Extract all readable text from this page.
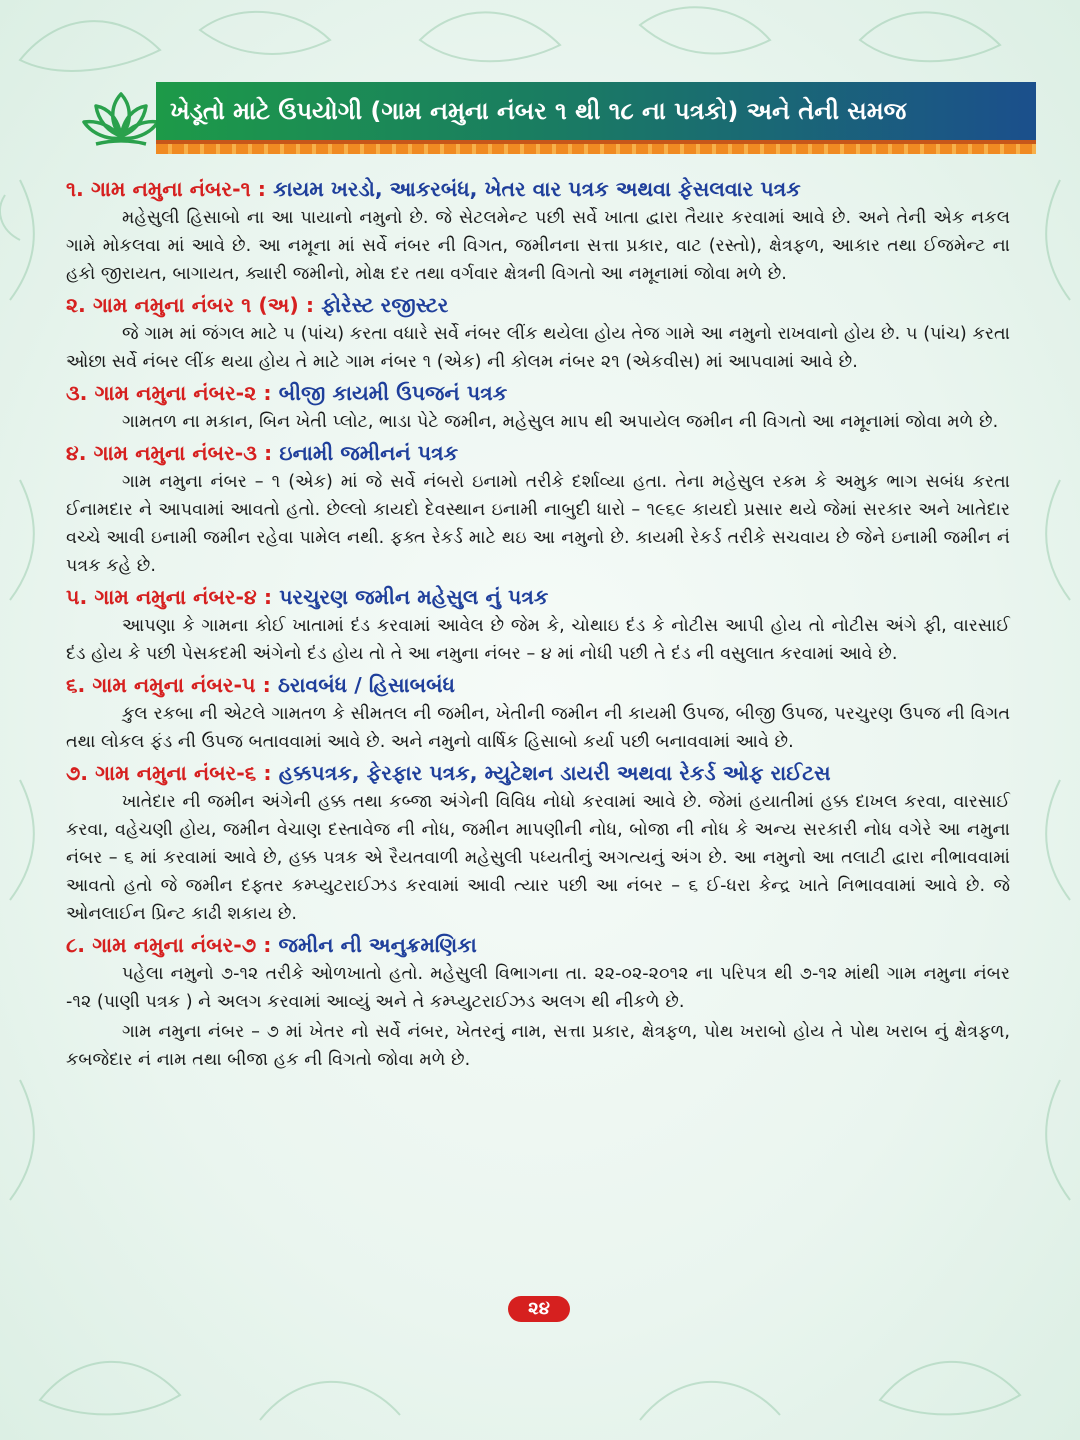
ખેડૂતો માટે ઉપયોગી (ગામ નમુના નંબર ૧ થી ૧૮ ના પત્રકો) અને તેની સમજ
૧. ગામ નમુના નંબર-૧ : કાયમ ખરડો, આકરબંધ, ખેતર વાર પત્રક અથવા ફેસલવાર પત્રક

મહેસુલી હિસાબો ના આ પાયાનો નમુનો છે. જે સેટલમેન્ટ પછી સર્વે ખાતા દ્વારા તૈયાર કરવામાં આવે છે. અને તેની એક નકલ ગામે મોકલવા માં આવે છે. આ નમૂના માં સર્વે નંબર ની વિગત, જમીનના સત્તા પ્રકાર, વાટ (રસ્તો), ક્ષેત્રફળ, આકાર તથા ઈજમેન્ટ ના હકો જીરાયત, બાગાયત, ક્યારી જમીનો, મોક્ષ દર તથા વર્ગવાર ક્ષેત્રની વિગતો આ નમૂનામાં જોવા મળે છે.

૨. ગામ નમુના નંબર ૧ (અ) : ફોરેસ્ટ રજીસ્ટર

જે ગામ માં જંગલ માટે ૫ (પાંચ) કરતા વધારે સર્વે નંબર લીંક થયેલા હોય તેજ ગામે આ નમુનો રાખવાનો હોય છે. ૫ (પાંચ) કરતા ઓછા સર્વે નંબર લીંક થયા હોય તે માટે ગામ નંબર ૧ (એક) ની કોલમ નંબર ૨૧ (એકવીસ) માં આપવામાં આવે છે.

૩. ગામ નમુના નંબર-૨ : બીજી કાયમી ઉપજનં પત્રક

ગામતળ ના મકાન, બિન ખેતી પ્લોટ, ભાડા પેટે જમીન, મહેસુલ માપ થી અપાયેલ જમીન ની વિગતો આ નમૂનામાં જોવા મળે છે.

૪. ગામ નમુના નંબર-૩ : ઇનામી જમીનનં પત્રક

ગામ નમુના નંબર – ૧ (એક) માં જે સર્વે નંબરો ઇનામો તરીકે દર્શાવ્યા હતા. તેના મહેસુલ રકમ કે અમુક ભાગ સબંધ કરતા ઈનામદાર ને આપવામાં આવતો હતો. છેલ્લો કાયદો દેવસ્થાન ઇનામી નાબુદી ધારો – ૧૯૬૯ કાયદો પ્રસાર થયે જેમાં સરકાર અને ખાતેદાર વચ્ચે આવી ઇનામી જમીન રહેવા પામેલ નથી. ફક્ત રેકર્ડ માટે થઇ આ નમુનો છે. કાયમી રેકર્ડ તરીકે સચવાય છે જેને ઇનામી જમીન નં પત્રક કહે છે.

૫. ગામ નમુના નંબર-૪ : પરચુરણ જમીન મહેસુલ નું પત્રક

આપણા કે ગામના કોઈ ખાતામાં દંડ કરવામાં આવેલ છે જેમ કે, ચોથાઇ દંડ કે નોટીસ આપી હોય તો નોટીસ અંગે ફી, વારસાઈ દંડ હોય કે પછી પેસકદમી અંગેનો દંડ હોય તો તે આ નમુના નંબર – ૪ માં નોધી પછી તે દંડ ની વસુલાત કરવામાં આવે છે.

૬. ગામ નમુના નંબર-૫ : ઠરાવબંધ / હિસાબબંધ

કુલ રકબા ની એટલે ગામતળ કે સીમતલ ની જમીન, ખેતીની જમીન ની કાયમી ઉપજ, બીજી ઉપજ, પરચુરણ ઉપજ ની વિગત તથા લોકલ ફંડ ની ઉપજ બતાવવામાં આવે છે. અને નમુનો વાર્ષિક હિસાબો કર્યા પછી બનાવવામાં આવે છે.

૭. ગામ નમુના નંબર-૬ : હક્કપત્રક, ફેરફાર પત્રક, મ્યુટેશન ડાયરી અથવા રેકર્ડ ઓફ રાઈટસ

ખાતેદાર ની જમીન અંગેની હક્ક તથા કબ્જા અંગેની વિવિધ નોધો કરવામાં આવે છે. જેમાં હયાતીમાં હક્ક દાખલ કરવા, વારસાઈ કરવા, વહેચણી હોય, જમીન વેચાણ દસ્તાવેજ ની નોધ, જમીન માપણીની નોધ, બોજા ની નોધ કે અન્ય સરકારી નોધ વગેરે આ નમુના નંબર – ૬ માં કરવામાં આવે છે, હક્ક પત્રક એ રૈયતવાળી મહેસુલી પધ્યતીનું અગત્યનું અંગ છે. આ નમુનો આ તલાટી દ્વારા નીભાવવામાં આવતો હતો જે જમીન દફ્તર કમ્પ્યુટરાઈઝડ કરવામાં આવી ત્યાર પછી આ નંબર – ૬ ઈ-ધરા કેન્દ્ર ખાતે નિભાવવામાં આવે છે. જે ઓનલાઈન પ્રિન્ટ કાઢી શકાય છે.

૮. ગામ નમુના નંબર-૭ : જમીન ની અનુક્રમણિકા

પહેલા નમુનો ૭-૧૨ તરીકે ઓળખાતો હતો. મહેસુલી વિભાગના તા. ૨૨-૦૨-૨૦૧૨ ના પરિપત્ર થી ૭-૧૨ માંથી ગામ નમુના નંબર -૧૨ (પાણી પત્રક ) ને અલગ કરવામાં આવ્યું અને તે કમ્પ્યુટરાઈઝડ અલગ થી નીકળે છે.

ગામ નમુના નંબર – ૭ માં ખેતર નો સર્વે નંબર, ખેતરનું નામ, સત્તા પ્રકાર, ક્ષેત્રફળ, પોથ ખરાબો હોય તે પોથ ખરાબ નું ક્ષેત્રફળ, કબજેદાર નં નામ તથા બીજા હક ની વિગતો જોવા મળે છે.

૨૪
